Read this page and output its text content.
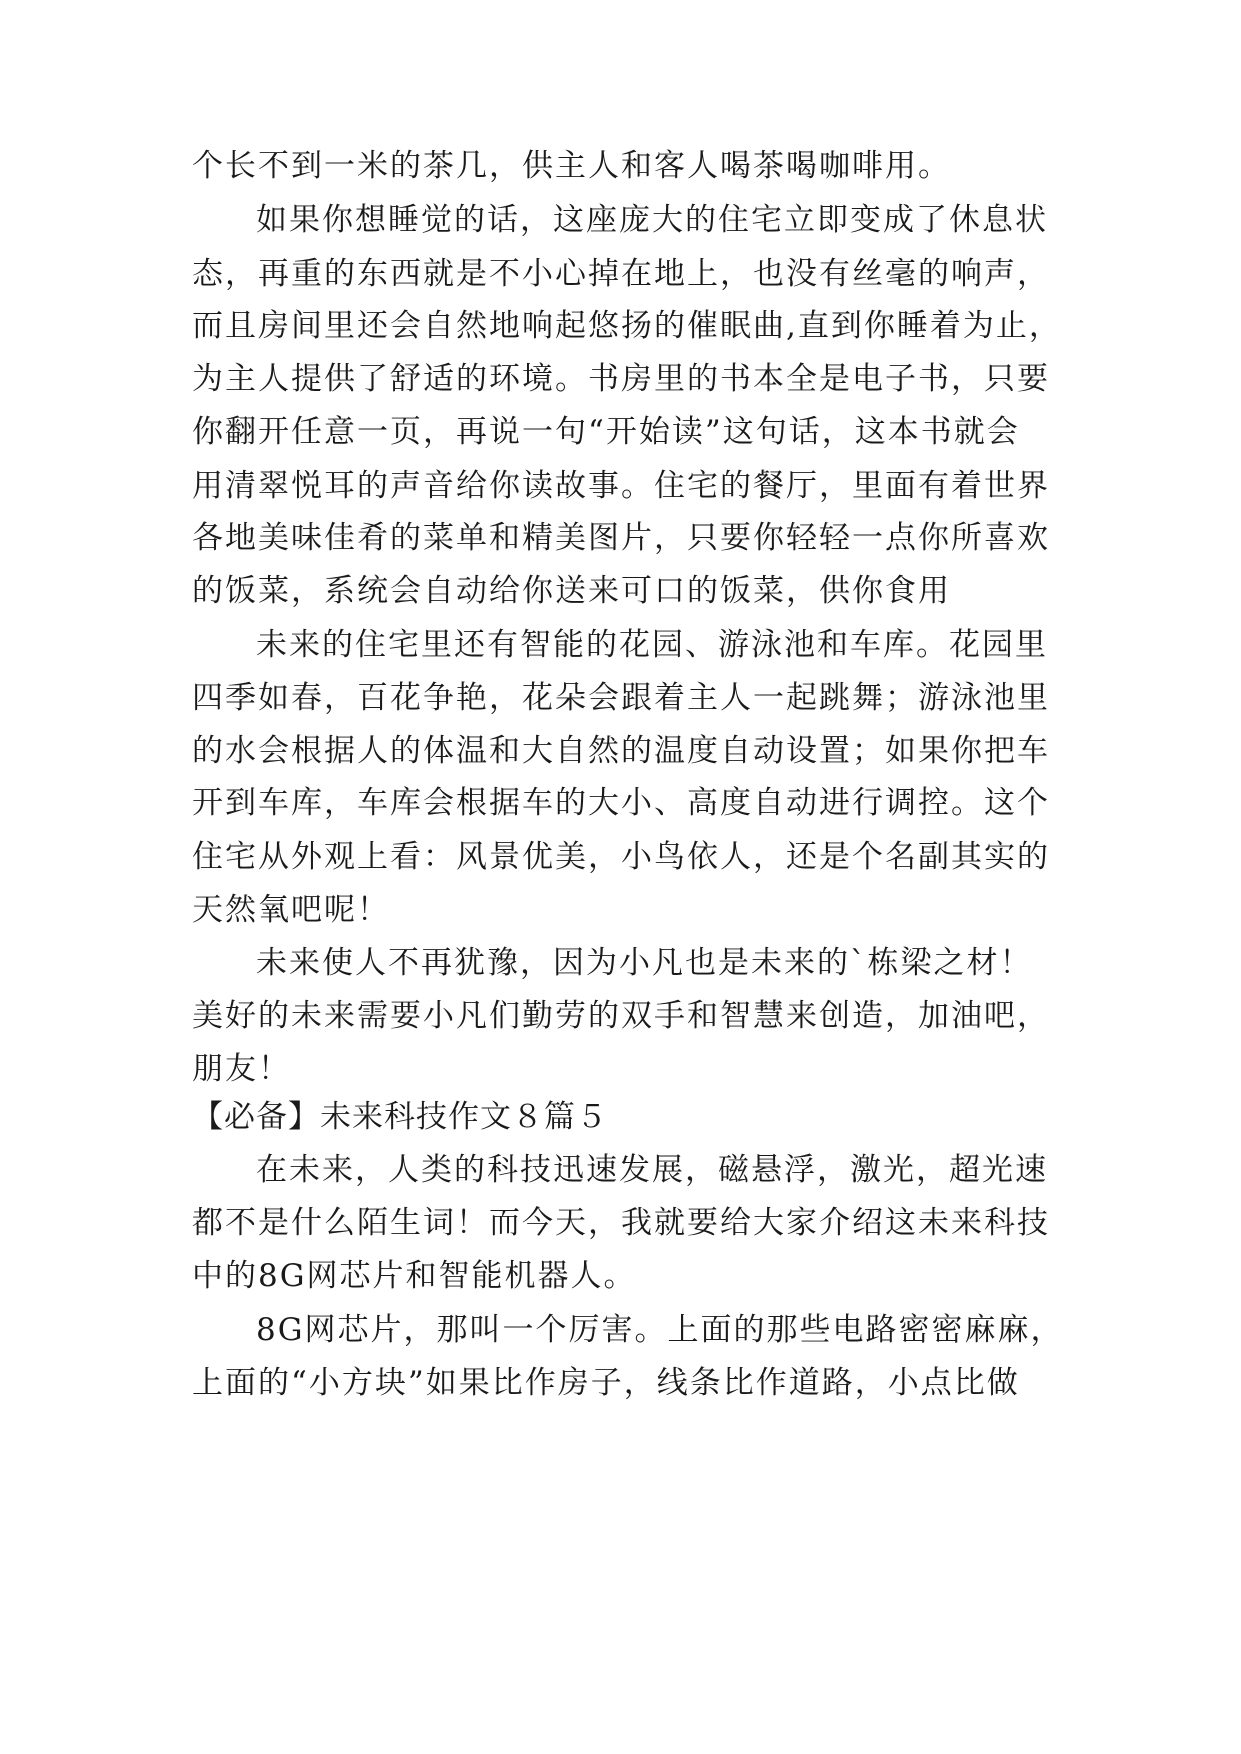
个长不到一米的茶几，供主人和客人喝茶喝咖啡用。
如果你想睡觉的话，这座庞大的住宅立即变成了休息状
态，再重的东西就是不小心掉在地上，也没有丝毫的响声，
而且房间里还会自然地响起悠扬的催眠曲,直到你睡着为止，
为主人提供了舒适的环境。书房里的书本全是电子书，只要
你翻开任意一页，再说一句“开始读”这句话，这本书就会
用清翠悦耳的声音给你读故事。住宅的餐厅，里面有着世界
各地美味佳肴的菜单和精美图片，只要你轻轻一点你所喜欢
的饭菜，系统会自动给你送来可口的饭菜，供你食用
未来的住宅里还有智能的花园、游泳池和车库。花园里
四季如春，百花争艳，花朵会跟着主人一起跳舞；游泳池里
的水会根据人的体温和大自然的温度自动设置；如果你把车
开到车库，车库会根据车的大小、高度自动进行调控。这个
住宅从外观上看：风景优美，小鸟依人，还是个名副其实的
天然氧吧呢！
未来使人不再犹豫，因为小凡也是未来的`栋梁之材！
美好的未来需要小凡们勤劳的双手和智慧来创造，加油吧，
朋友！
【必备】未来科技作文８篇５
在未来，人类的科技迅速发展，磁悬浮，激光，超光速
都不是什么陌生词！而今天，我就要给大家介绍这未来科技
中的8G网芯片和智能机器人。
8G网芯片，那叫一个厉害。上面的那些电路密密麻麻，
上面的“小方块”如果比作房子，线条比作道路，小点比做
